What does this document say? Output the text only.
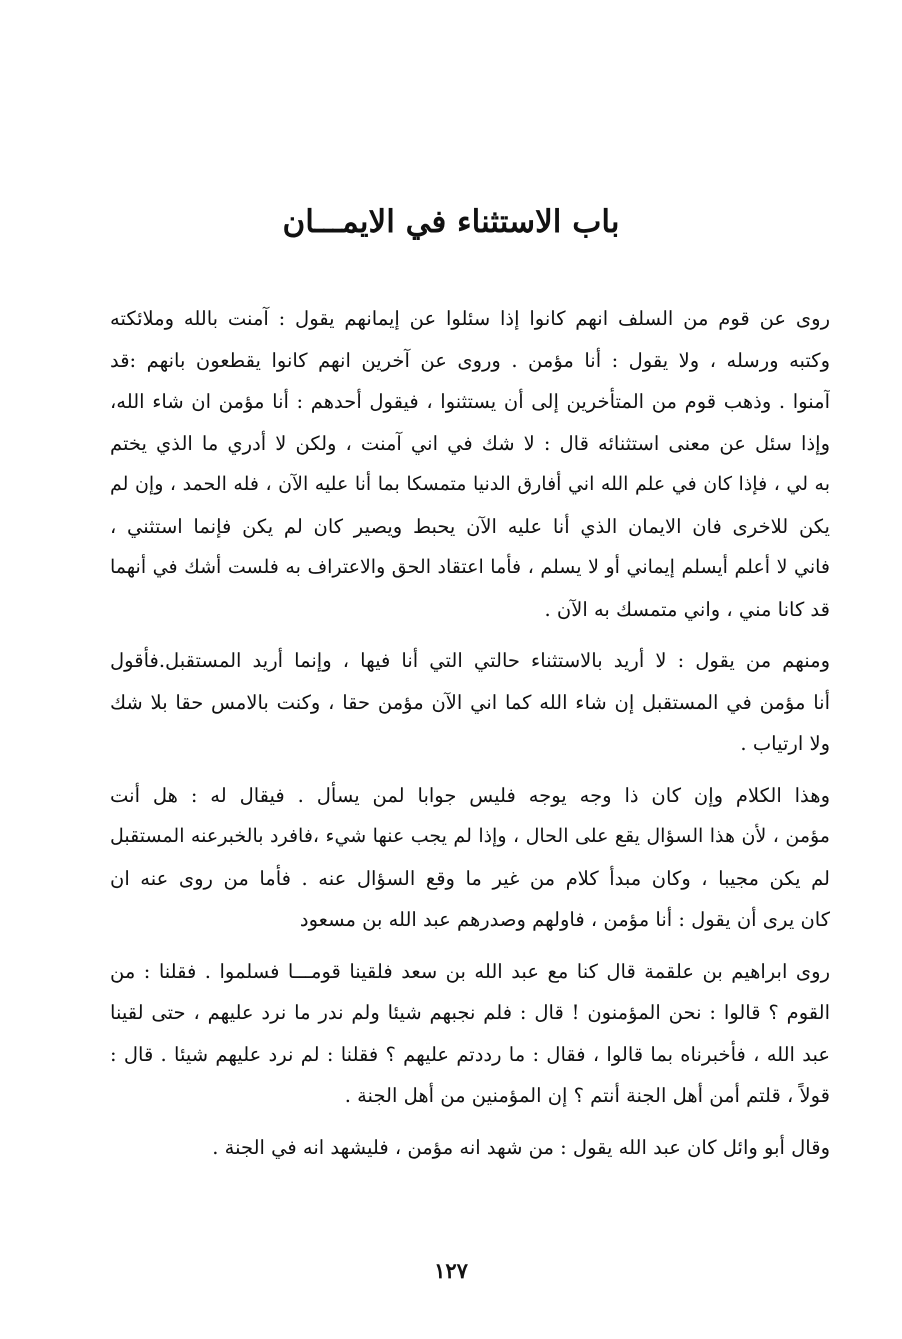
باب الاستثناء في الايمـــان
روى عن قوم من السلف انهم كانوا إذا سئلوا عن إيمانهم يقول : آمنت بالله وملائكته
وكتبه ورسله ، ولا يقول : أنا مؤمن . وروى عن آخرين انهم كانوا يقطعون بانهم :قد
آمنوا . وذهب قوم من المتأخرين إلى أن يستثنوا ، فيقول أحدهم : أنا مؤمن ان شاء الله،
وإذا سئل عن معنى استثنائه قال : لا شك في اني آمنت ، ولكن لا أدري ما الذي يختم
به لي ، فإذا كان في علم الله اني أفارق الدنيا متمسكا بما أنا عليه الآن ، فله الحمد ، وإن لم
يكن للاخرى فان الايمان الذي أنا عليه الآن يحبط ويصير كان لم يكن فإنما استثني ،
فاني لا أعلم أيسلم إيماني أو لا يسلم ، فأما اعتقاد الحق والاعتراف به فلست أشك في أنهما
قد كانا مني ، واني متمسك به الآن .
ومنهم من يقول : لا أريد بالاستثناء حالتي التي أنا فيها ، وإنما أريد المستقبل.فأقول
أنا مؤمن في المستقبل إن شاء الله كما اني الآن مؤمن حقا ، وكنت بالامس حقا بلا شك
ولا ارتياب .
وهذا الكلام وإن كان ذا وجه يوجه فليس جوابا لمن يسأل . فيقال له : هل أنت
مؤمن ، لأن هذا السؤال يقع على الحال ، وإذا لم يجب عنها شيء ،فافرد بالخبرعنه المستقبل
لم يكن مجيبا ، وكان مبدأ كلام من غير ما وقع السؤال عنه . فأما من روى عنه ان
كان يرى أن يقول : أنا مؤمن ، فاولهم وصدرهم عبد الله بن مسعود
روى ابراهيم بن علقمة قال كنا مع عبد الله بن سعد فلقينا قومـــا فسلموا . فقلنا : من
القوم ؟ قالوا : نحن المؤمنون ! قال : فلم نجبهم شيئا ولم ندر ما نرد عليهم ، حتى لقينا
عبد الله ، فأخبرناه بما قالوا ، فقال : ما رددتم عليهم ؟ فقلنا : لم نرد عليهم شيئا . قال :
قولاً ، قلتم أمن أهل الجنة أنتم ؟ إن المؤمنين من أهل الجنة .
وقال أبو وائل كان عبد الله يقول : من شهد انه مؤمن ، فليشهد انه في الجنة .
١٢٧
